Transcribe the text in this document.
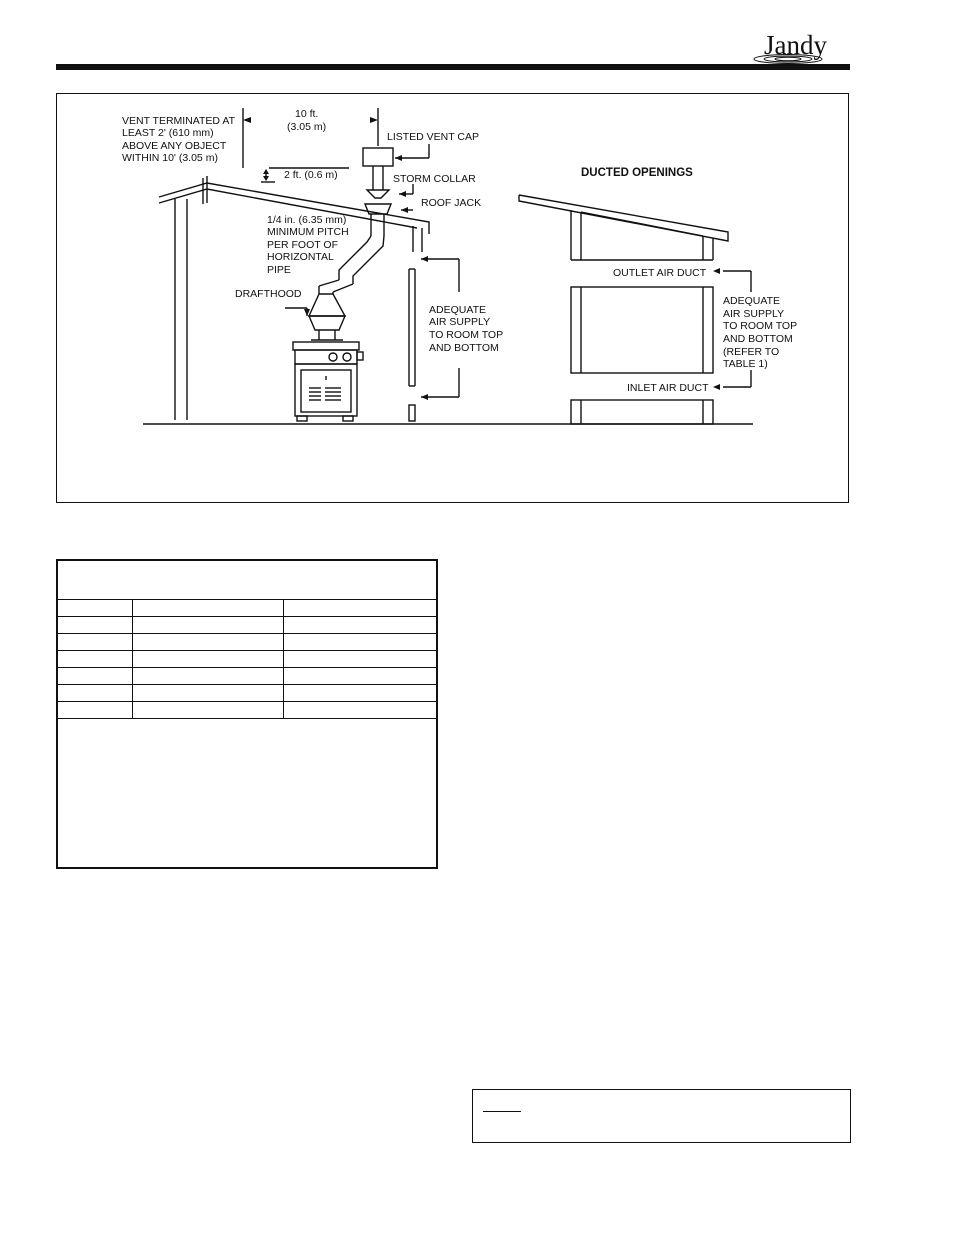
Jandy
VENT TERMINATED AT
LEAST 2' (610 mm)
ABOVE ANY OBJECT
WITHIN 10' (3.05 m)
10 ft.
(3.05 m)
LISTED VENT CAP
2 ft. (0.6 m)	STORM COLLAR
ROOF JACK
1/4 in. (6.35 mm)
MINIMUM PITCH
PER FOOT OF
HORIZONTAL
PIPE
DRAFTHOOD
ADEQUATE
AIR SUPPLY
TO ROOM TOP
AND BOTTOM
DUCTED OPENINGS
OUTLET AIR DUCT
ADEQUATE
AIR SUPPLY
TO ROOM TOP
AND BOTTOM
(REFER TO
TABLE 1)
INLET AIR DUCT
